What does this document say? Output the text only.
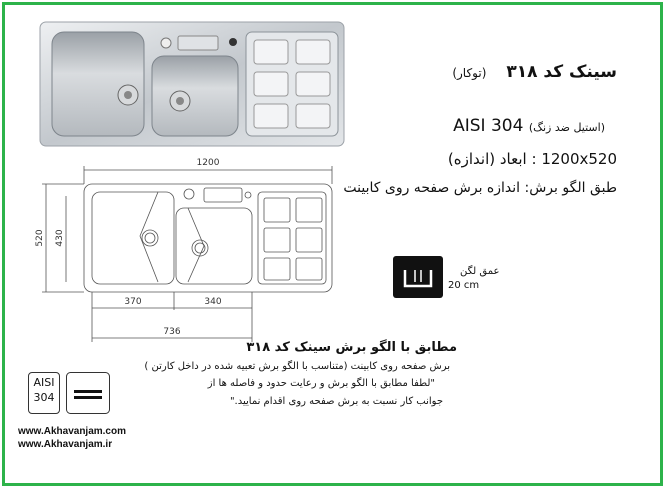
1200
520 430
370	340
736
سینک کد ۳۱۸ (توکار)
(استیل ضد زنگ) AISI 304
1200x520 : ابعاد (اندازه)
طبق الگو برش: اندازه برش صفحه روی کابینت
عمق لگن
20 cm
مطابق با الگو برش سینک کد ۳۱۸
برش صفحه روی کابینت (متناسب با الگو برش تعبیه شده در داخل کارتن )
"لطفا مطابق با الگو برش و رعایت حدود و فاصله ها از
جوانب کار نسبت به برش صفحه روی اقدام نمایید."
AISI
304
www.Akhavanjam.com
www.Akhavanjam.ir
